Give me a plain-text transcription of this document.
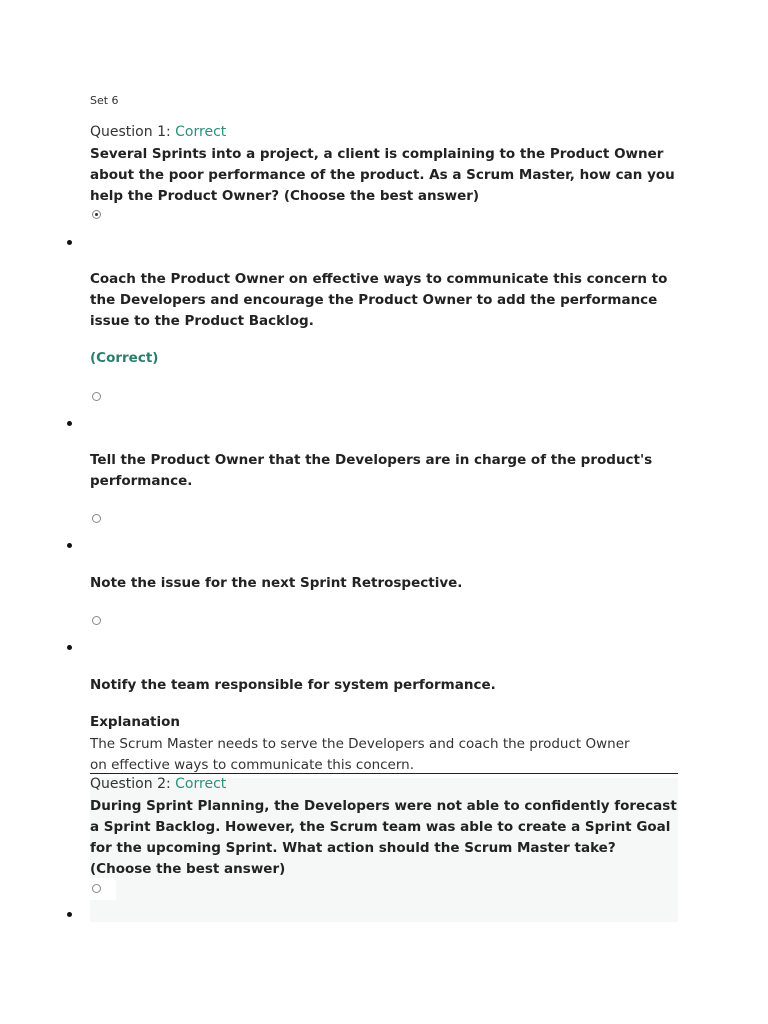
Set 6
Question 1: Correct
Several Sprints into a project, a client is complaining to the Product Owner about the poor performance of the product. As a Scrum Master, how can you help the Product Owner? (Choose the best answer)
Coach the Product Owner on effective ways to communicate this concern to the Developers and encourage the Product Owner to add the performance issue to the Product Backlog.
(Correct)
Tell the Product Owner that the Developers are in charge of the product's performance.
Note the issue for the next Sprint Retrospective.
Notify the team responsible for system performance.
Explanation
The Scrum Master needs to serve the Developers and coach the product Owner on effective ways to communicate this concern.
Question 2: Correct
During Sprint Planning, the Developers were not able to confidently forecast a Sprint Backlog. However, the Scrum team was able to create a Sprint Goal for the upcoming Sprint. What action should the Scrum Master take? (Choose the best answer)
